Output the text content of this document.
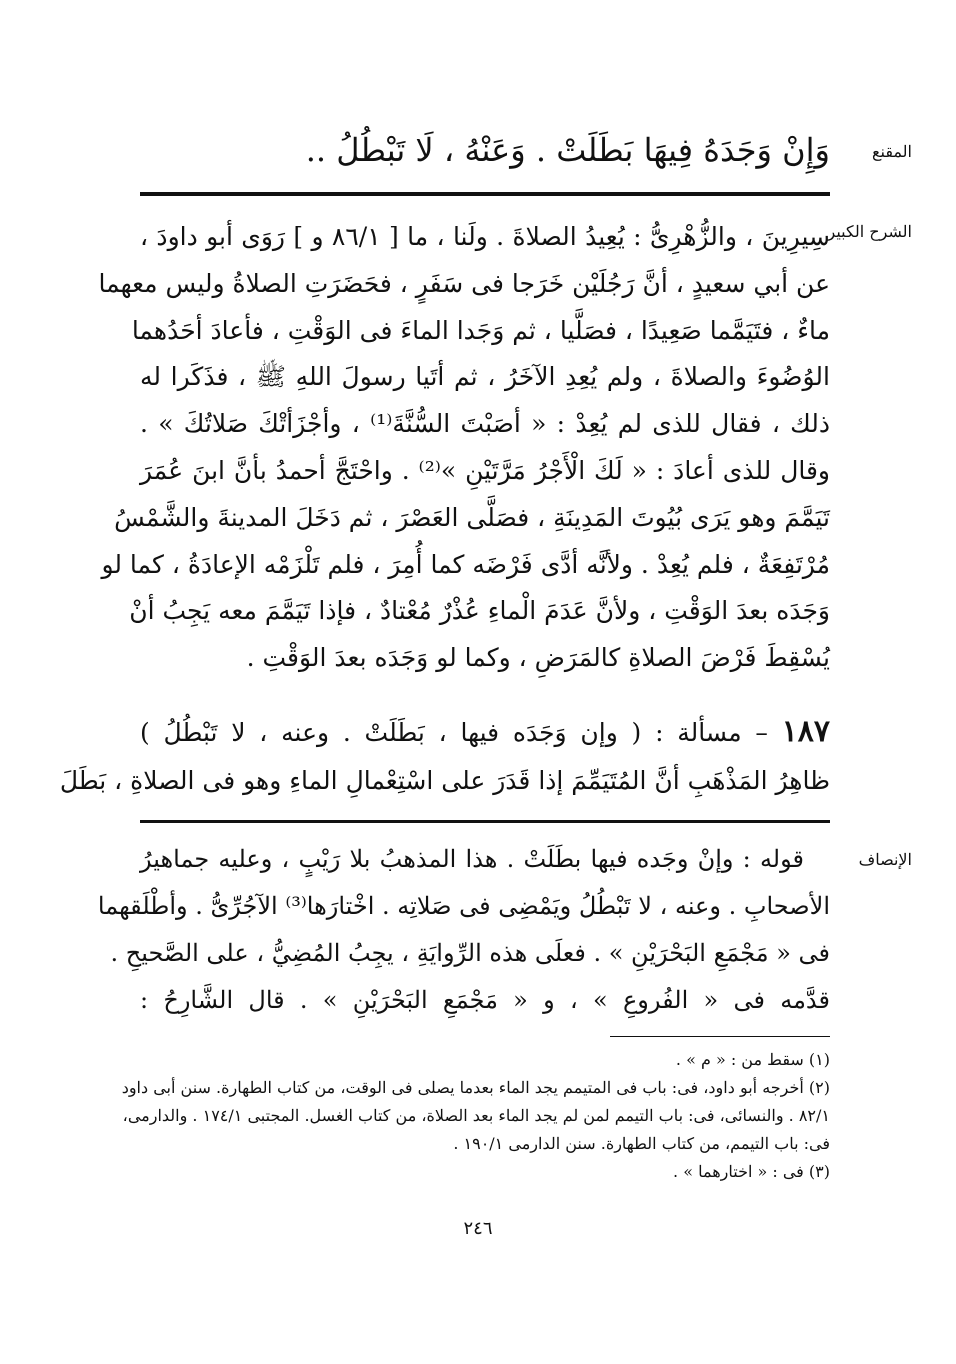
المقنع
وَإِنْ وَجَدَهُ فِيهَا بَطَلَتْ . وَعَنْهُ ، لَا تَبْطُلُ ..
الشرح الكبير
سِيرِينَ ، والزُّهْرِىُّ : يُعِيدُ الصلاةَ . ولَنا ، ما [ ٨٦/١ و ] رَوَى أبو داودَ ،
عن أبي سعيدٍ ، أنَّ رَجُلَيْن خَرَجا فى سَفَرٍ ، فحَضَرَتِ الصلاةُ وليس معهما
ماءٌ ، فتَيَمَّما صَعِيدًا ، فصَلَّيا ، ثم وَجَدا الماءَ فى الوَقْتِ ، فأعادَ أحَدُهما
الوُضُوءَ والصلاةَ ، ولم يُعِدِ الآخَرُ ، ثم أتَيا رسولَ اللهِ ﷺ ، فذَكَرا له
ذلك ، فقال للذى لم يُعِدْ : « أصَبْتَ السُّنَّةَ⁽¹⁾ ، وأجْزَأتْكَ صَلاتُكَ » .
وقال للذى أعادَ : « لَكَ الْأَجْرُ مَرَّتَيْنِ »⁽²⁾ . واحْتَجَّ أحمدُ بأنَّ ابنَ عُمَرَ
تَيَمَّمَ وهو يَرَى بُيُوتَ المَدِينَةِ ، فصَلَّى العَصْرَ ، ثم دَخَلَ المدينةَ والشَّمْسُ
مُرْتَفِعَةٌ ، فلم يُعِدْ . ولأنَّه أدَّى فَرْضَه كما أُمِرَ ، فلم تَلْزَمْه الإعادَةُ ، كما لو
وَجَدَه بعدَ الوَقْتِ ، ولأنَّ عَدَمَ الْماءِ عُذْرٌ مُعْتادٌ ، فإذا تَيَمَّمَ معه يَجِبُ أنْ
يُسْقِطَ فَرْضَ الصلاةِ كالمَرَضِ ، وكما لو وَجَدَه بعدَ الوَقْتِ .
١٨٧ – مسألة : ( وإن وَجَدَه فيها ، بَطَلَتْ . وعنه ، لا تَبْطُلُ )
ظاهِرُ المَذْهَبِ أنَّ المُتَيَمِّمَ إذا قَدَرَ على اسْتِعْمالِ الماءِ وهو فى الصلاةِ ، بَطَلَ
الإنصاف
قوله : وإنْ وجَده فيها بطَلَتْ . هذا المذهبُ بلا رَيْبٍ ، وعليه جماهيرُ
الأصحابِ . وعنه ، لا تَبْطُلُ ويَمْضِى فى صَلاتِه . اخْتارَها⁽³⁾ الآجُرِّىُّ . وأطْلَقهما
فى « مَجْمَعِ البَحْرَيْنِ » . فعلَى هذه الرِّوايَةِ ، يجِبُ المُضِيُّ ، على الصَّحيحِ .
قدَّمه فى « الفُروعِ » ، و « مَجْمَعِ البَحْرَيْنِ » . قال الشَّارِحُ :
(١) سقط من : « م » .
(٢) أخرجه أبو داود، فى: باب فى المتيمم يجد الماء بعدما يصلى فى الوقت، من كتاب الطهارة. سنن أبى داود
٨٢/١ . والنسائى، فى: باب التيمم لمن لم يجد الماء بعد الصلاة، من كتاب الغسل. المجتبى ١٧٤/١ . والدارمى،
فى: باب التيمم، من كتاب الطهارة. سنن الدارمى ١٩٠/١ .
(٣) فى : « اختارهما » .
٢٤٦
